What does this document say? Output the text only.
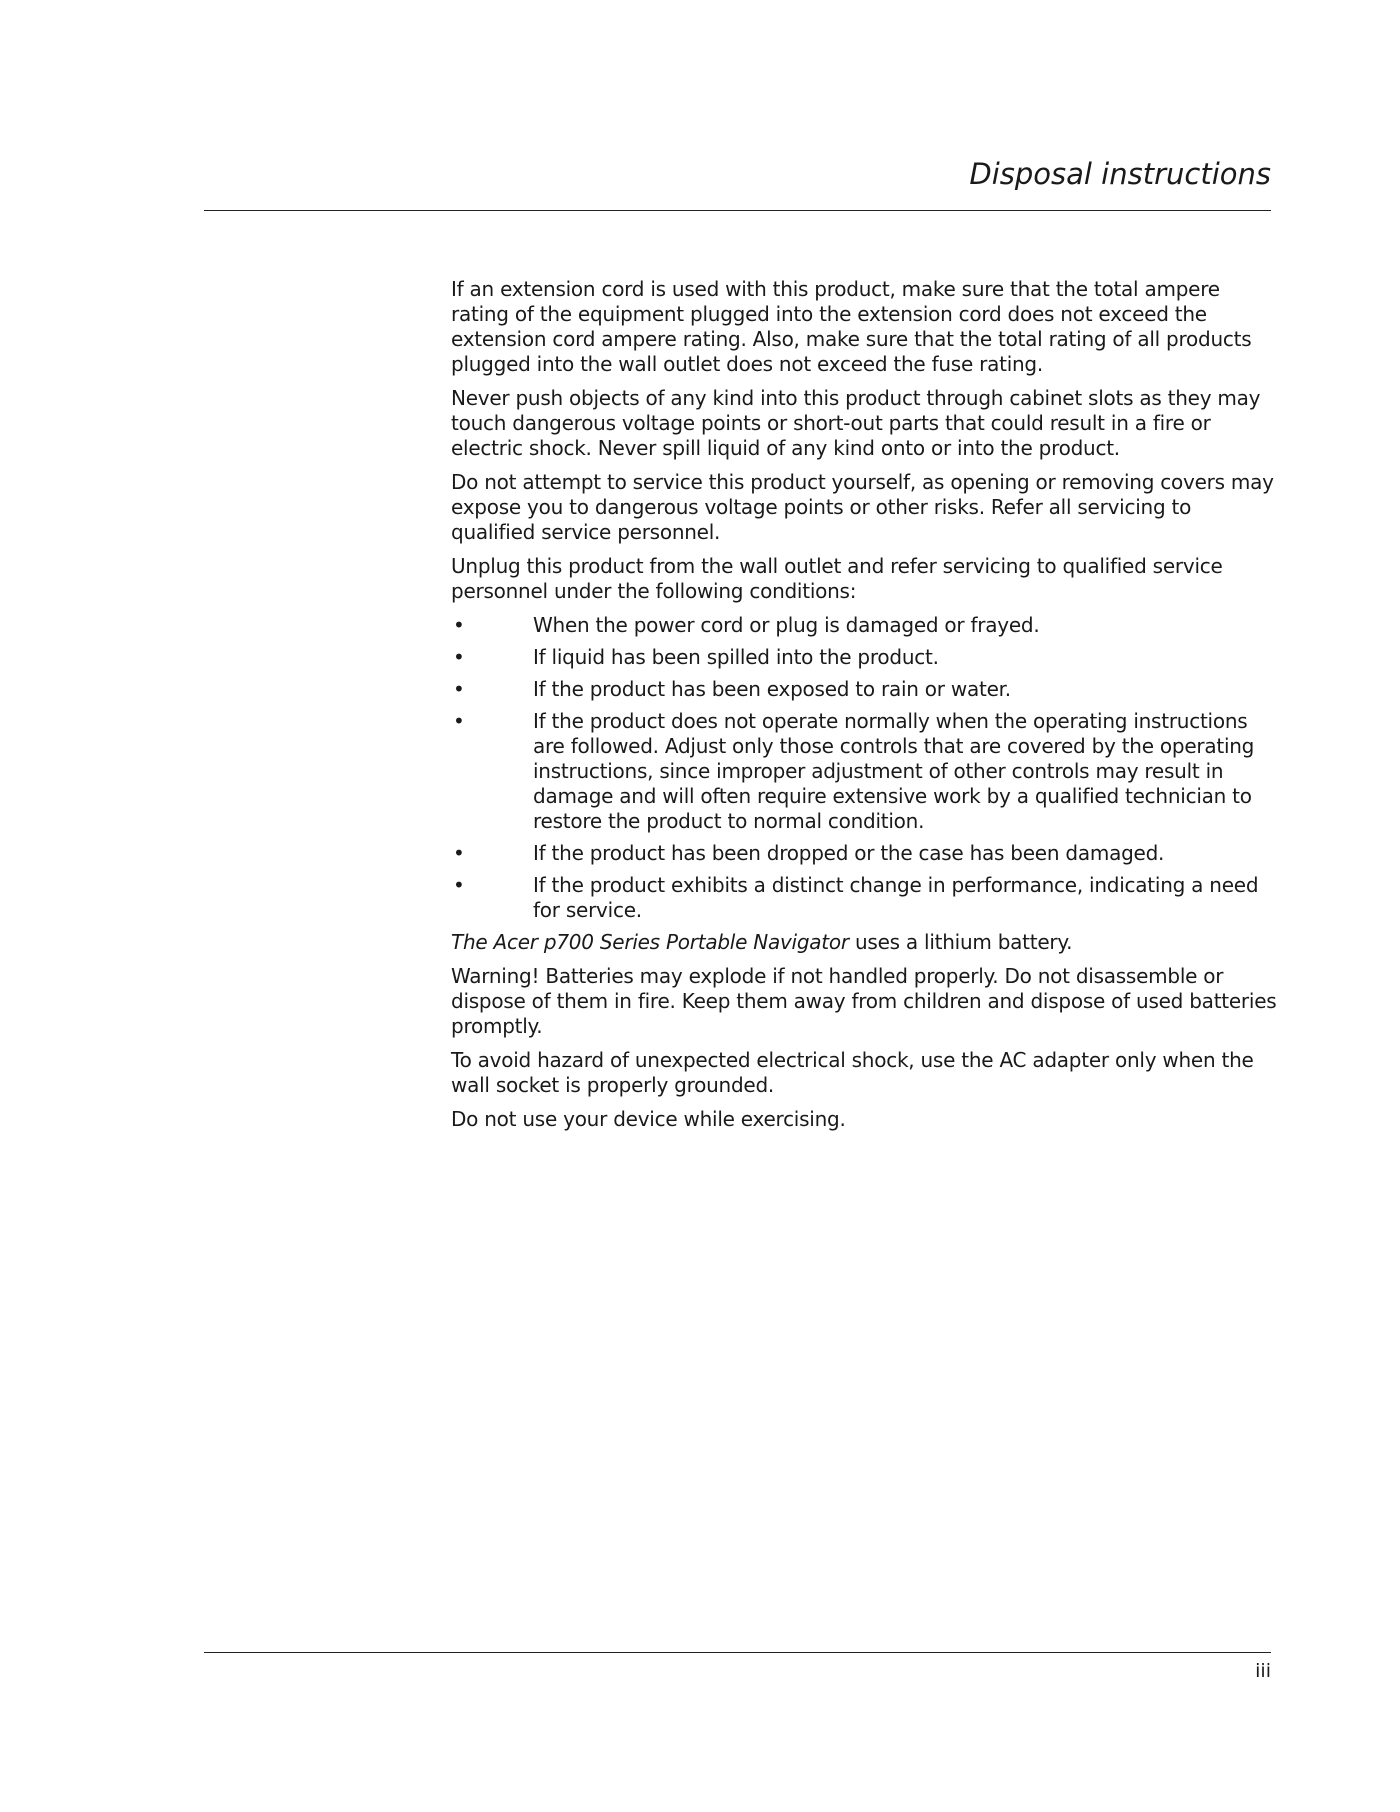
Disposal instructions

If an extension cord is used with this product, make sure that the total ampere rating of the equipment plugged into the extension cord does not exceed the extension cord ampere rating. Also, make sure that the total rating of all products plugged into the wall outlet does not exceed the fuse rating.

Never push objects of any kind into this product through cabinet slots as they may touch dangerous voltage points or short-out parts that could result in a fire or electric shock. Never spill liquid of any kind onto or into the product.

Do not attempt to service this product yourself, as opening or removing covers may expose you to dangerous voltage points or other risks. Refer all servicing to qualified service personnel.

Unplug this product from the wall outlet and refer servicing to qualified service personnel under the following conditions:

•	When the power cord or plug is damaged or frayed.
•	If liquid has been spilled into the product.
•	If the product has been exposed to rain or water.
•	If the product does not operate normally when the operating instructions are followed. Adjust only those controls that are covered by the operating instructions, since improper adjustment of other controls may result in damage and will often require extensive work by a qualified technician to restore the product to normal condition.
•	If the product has been dropped or the case has been damaged.
•	If the product exhibits a distinct change in performance, indicating a need for service.

The Acer p700 Series Portable Navigator uses a lithium battery.

Warning! Batteries may explode if not handled properly. Do not disassemble or dispose of them in fire. Keep them away from children and dispose of used batteries promptly.

To avoid hazard of unexpected electrical shock, use the AC adapter only when the wall socket is properly grounded.

Do not use your device while exercising.

iii
